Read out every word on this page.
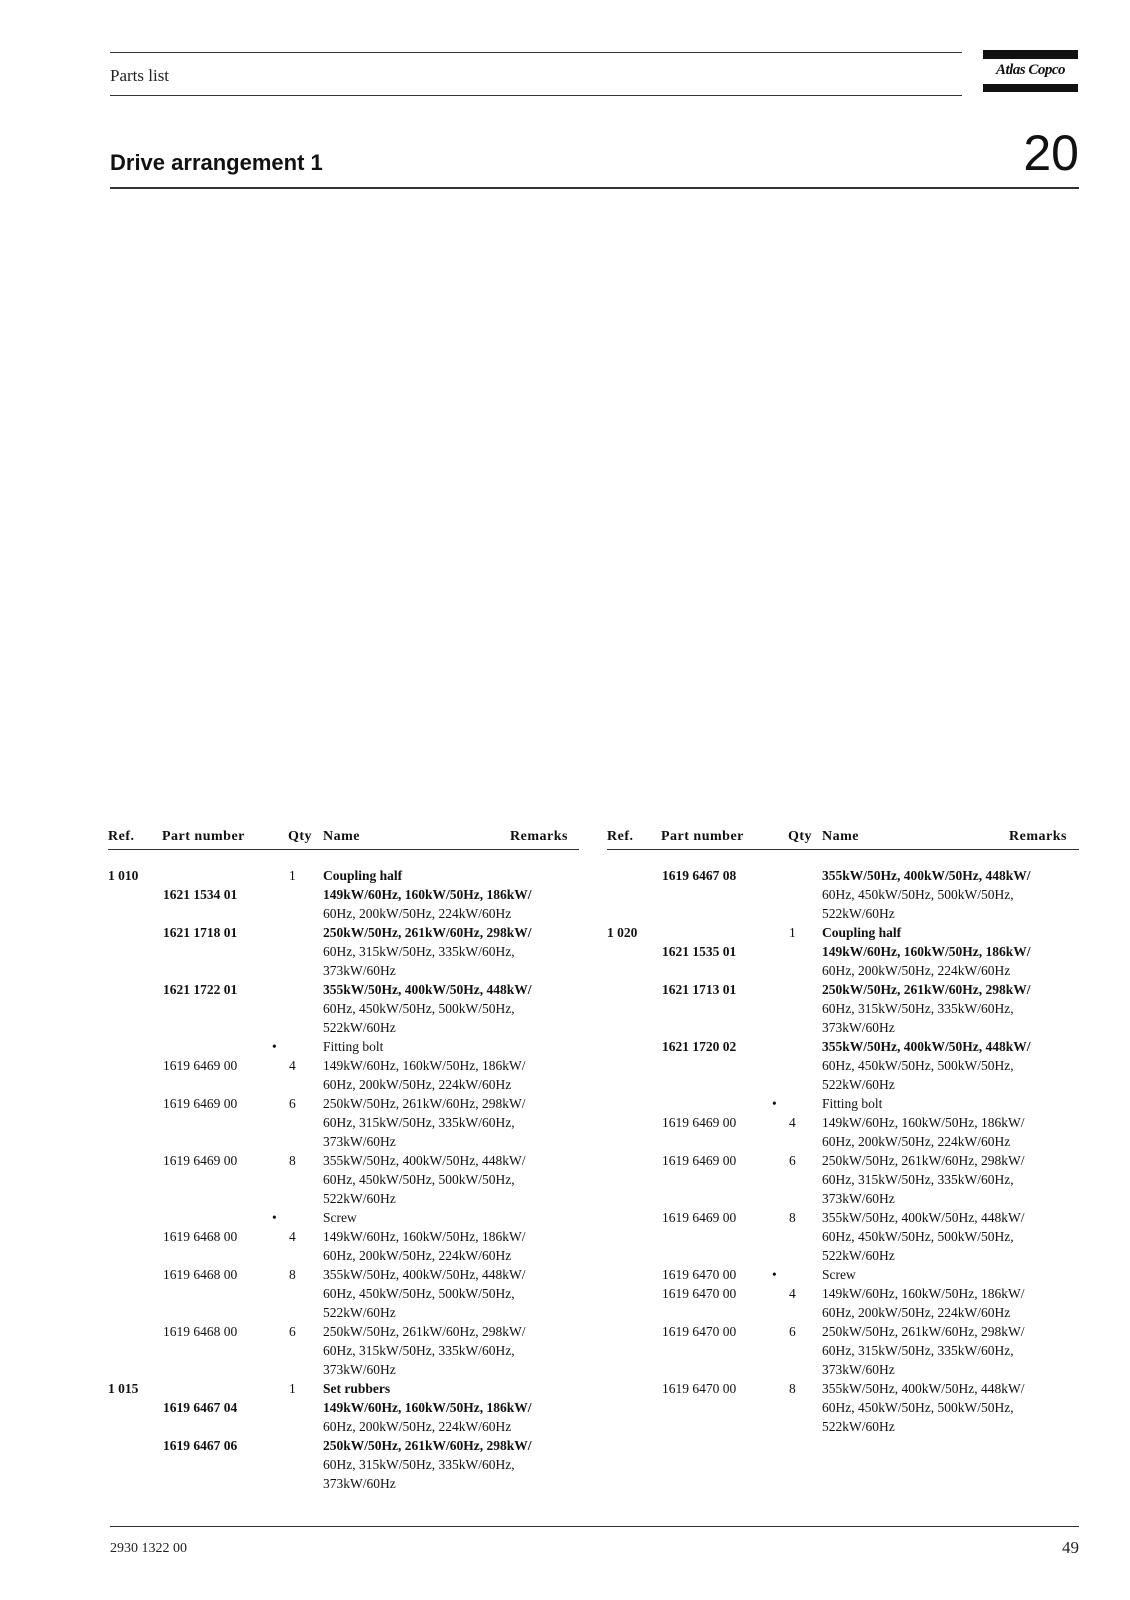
Parts list	Atlas Copco
Drive arrangement 1	20
Ref. Part number	Qty Name	Remarks	Ref. Part number	Qty Name	Remarks
1 010	1 Coupling half
1621 1534 01	149kW/60Hz, 160kW/50Hz, 186kW/
60Hz, 200kW/50Hz, 224kW/60Hz
1621 1718 01	250kW/50Hz, 261kW/60Hz, 298kW/
60Hz, 315kW/50Hz, 335kW/60Hz,
373kW/60Hz
1621 1722 01	355kW/50Hz, 400kW/50Hz, 448kW/
60Hz, 450kW/50Hz, 500kW/50Hz,
522kW/60Hz
•	Fitting bolt
1619 6469 00	4 149kW/60Hz, 160kW/50Hz, 186kW/
60Hz, 200kW/50Hz, 224kW/60Hz
1619 6469 00	6 250kW/50Hz, 261kW/60Hz, 298kW/
60Hz, 315kW/50Hz, 335kW/60Hz,
373kW/60Hz
1619 6469 00	8 355kW/50Hz, 400kW/50Hz, 448kW/
60Hz, 450kW/50Hz, 500kW/50Hz,
522kW/60Hz
•	Screw
1619 6468 00	4 149kW/60Hz, 160kW/50Hz, 186kW/
60Hz, 200kW/50Hz, 224kW/60Hz
1619 6468 00	8 355kW/50Hz, 400kW/50Hz, 448kW/
60Hz, 450kW/50Hz, 500kW/50Hz,
522kW/60Hz
1619 6468 00	6 250kW/50Hz, 261kW/60Hz, 298kW/
60Hz, 315kW/50Hz, 335kW/60Hz,
373kW/60Hz
1 015	1 Set rubbers
1619 6467 04	149kW/60Hz, 160kW/50Hz, 186kW/
60Hz, 200kW/50Hz, 224kW/60Hz
1619 6467 06	250kW/50Hz, 261kW/60Hz, 298kW/
60Hz, 315kW/50Hz, 335kW/60Hz,
373kW/60Hz
1619 6467 08	355kW/50Hz, 400kW/50Hz, 448kW/
60Hz, 450kW/50Hz, 500kW/50Hz,
522kW/60Hz
1 020	1 Coupling half
1621 1535 01	149kW/60Hz, 160kW/50Hz, 186kW/
60Hz, 200kW/50Hz, 224kW/60Hz
1621 1713 01	250kW/50Hz, 261kW/60Hz, 298kW/
60Hz, 315kW/50Hz, 335kW/60Hz,
373kW/60Hz
1621 1720 02	355kW/50Hz, 400kW/50Hz, 448kW/
60Hz, 450kW/50Hz, 500kW/50Hz,
522kW/60Hz
•	Fitting bolt
1619 6469 00	4 149kW/60Hz, 160kW/50Hz, 186kW/
60Hz, 200kW/50Hz, 224kW/60Hz
1619 6469 00	6 250kW/50Hz, 261kW/60Hz, 298kW/
60Hz, 315kW/50Hz, 335kW/60Hz,
373kW/60Hz
1619 6469 00	8 355kW/50Hz, 400kW/50Hz, 448kW/
60Hz, 450kW/50Hz, 500kW/50Hz,
522kW/60Hz
1619 6470 00	•	Screw
1619 6470 00	4 149kW/60Hz, 160kW/50Hz, 186kW/
60Hz, 200kW/50Hz, 224kW/60Hz
1619 6470 00	6 250kW/50Hz, 261kW/60Hz, 298kW/
60Hz, 315kW/50Hz, 335kW/60Hz,
373kW/60Hz
1619 6470 00	8 355kW/50Hz, 400kW/50Hz, 448kW/
60Hz, 450kW/50Hz, 500kW/50Hz,
522kW/60Hz
2930 1322 00	49
